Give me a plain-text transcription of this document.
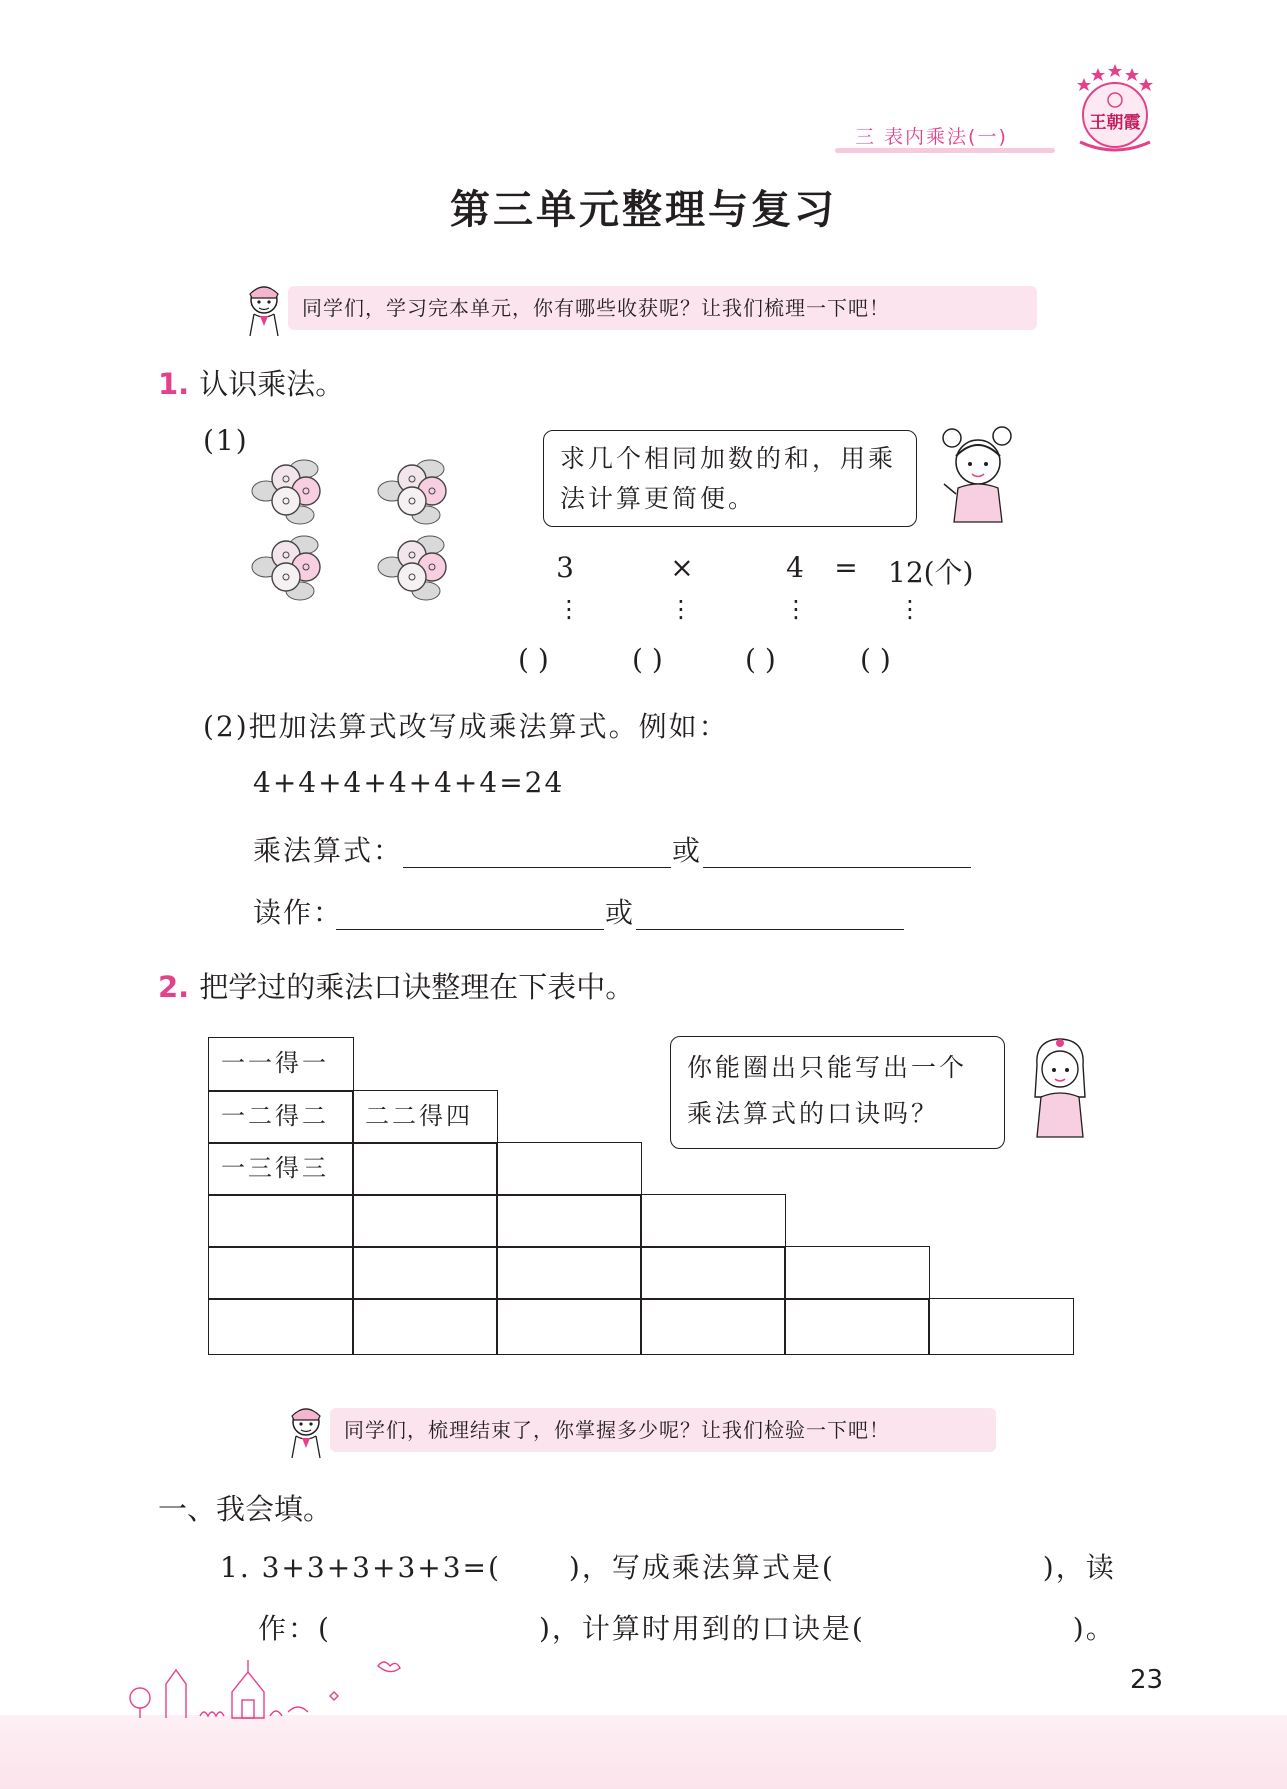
王朝霞
三 表内乘法(一)
第三单元整理与复习
同学们，学习完本单元，你有哪些收获呢？让我们梳理一下吧！
1. 认识乘法。
(1)
求几个相同加数的和，用乘法计算更简便。
3	×	4	= 12(个)
⋮	⋮	⋮	⋮
( )	( )	( )	( )
(2)把加法算式改写成乘法算式。例如：
4+4+4+4+4+4=24
乘法算式：	或
读作：	或
2. 把学过的乘法口诀整理在下表中。
一一得一
一二得二	二二得四
一三得三
你能圈出只能写出一个乘法算式的口诀吗？
同学们，梳理结束了，你掌握多少呢？让我们检验一下吧！
一、我会填。
1. 3+3+3+3+3=( )，写成乘法算式是(	)，读
作：(	)，计算时用到的口诀是(	)。
23
